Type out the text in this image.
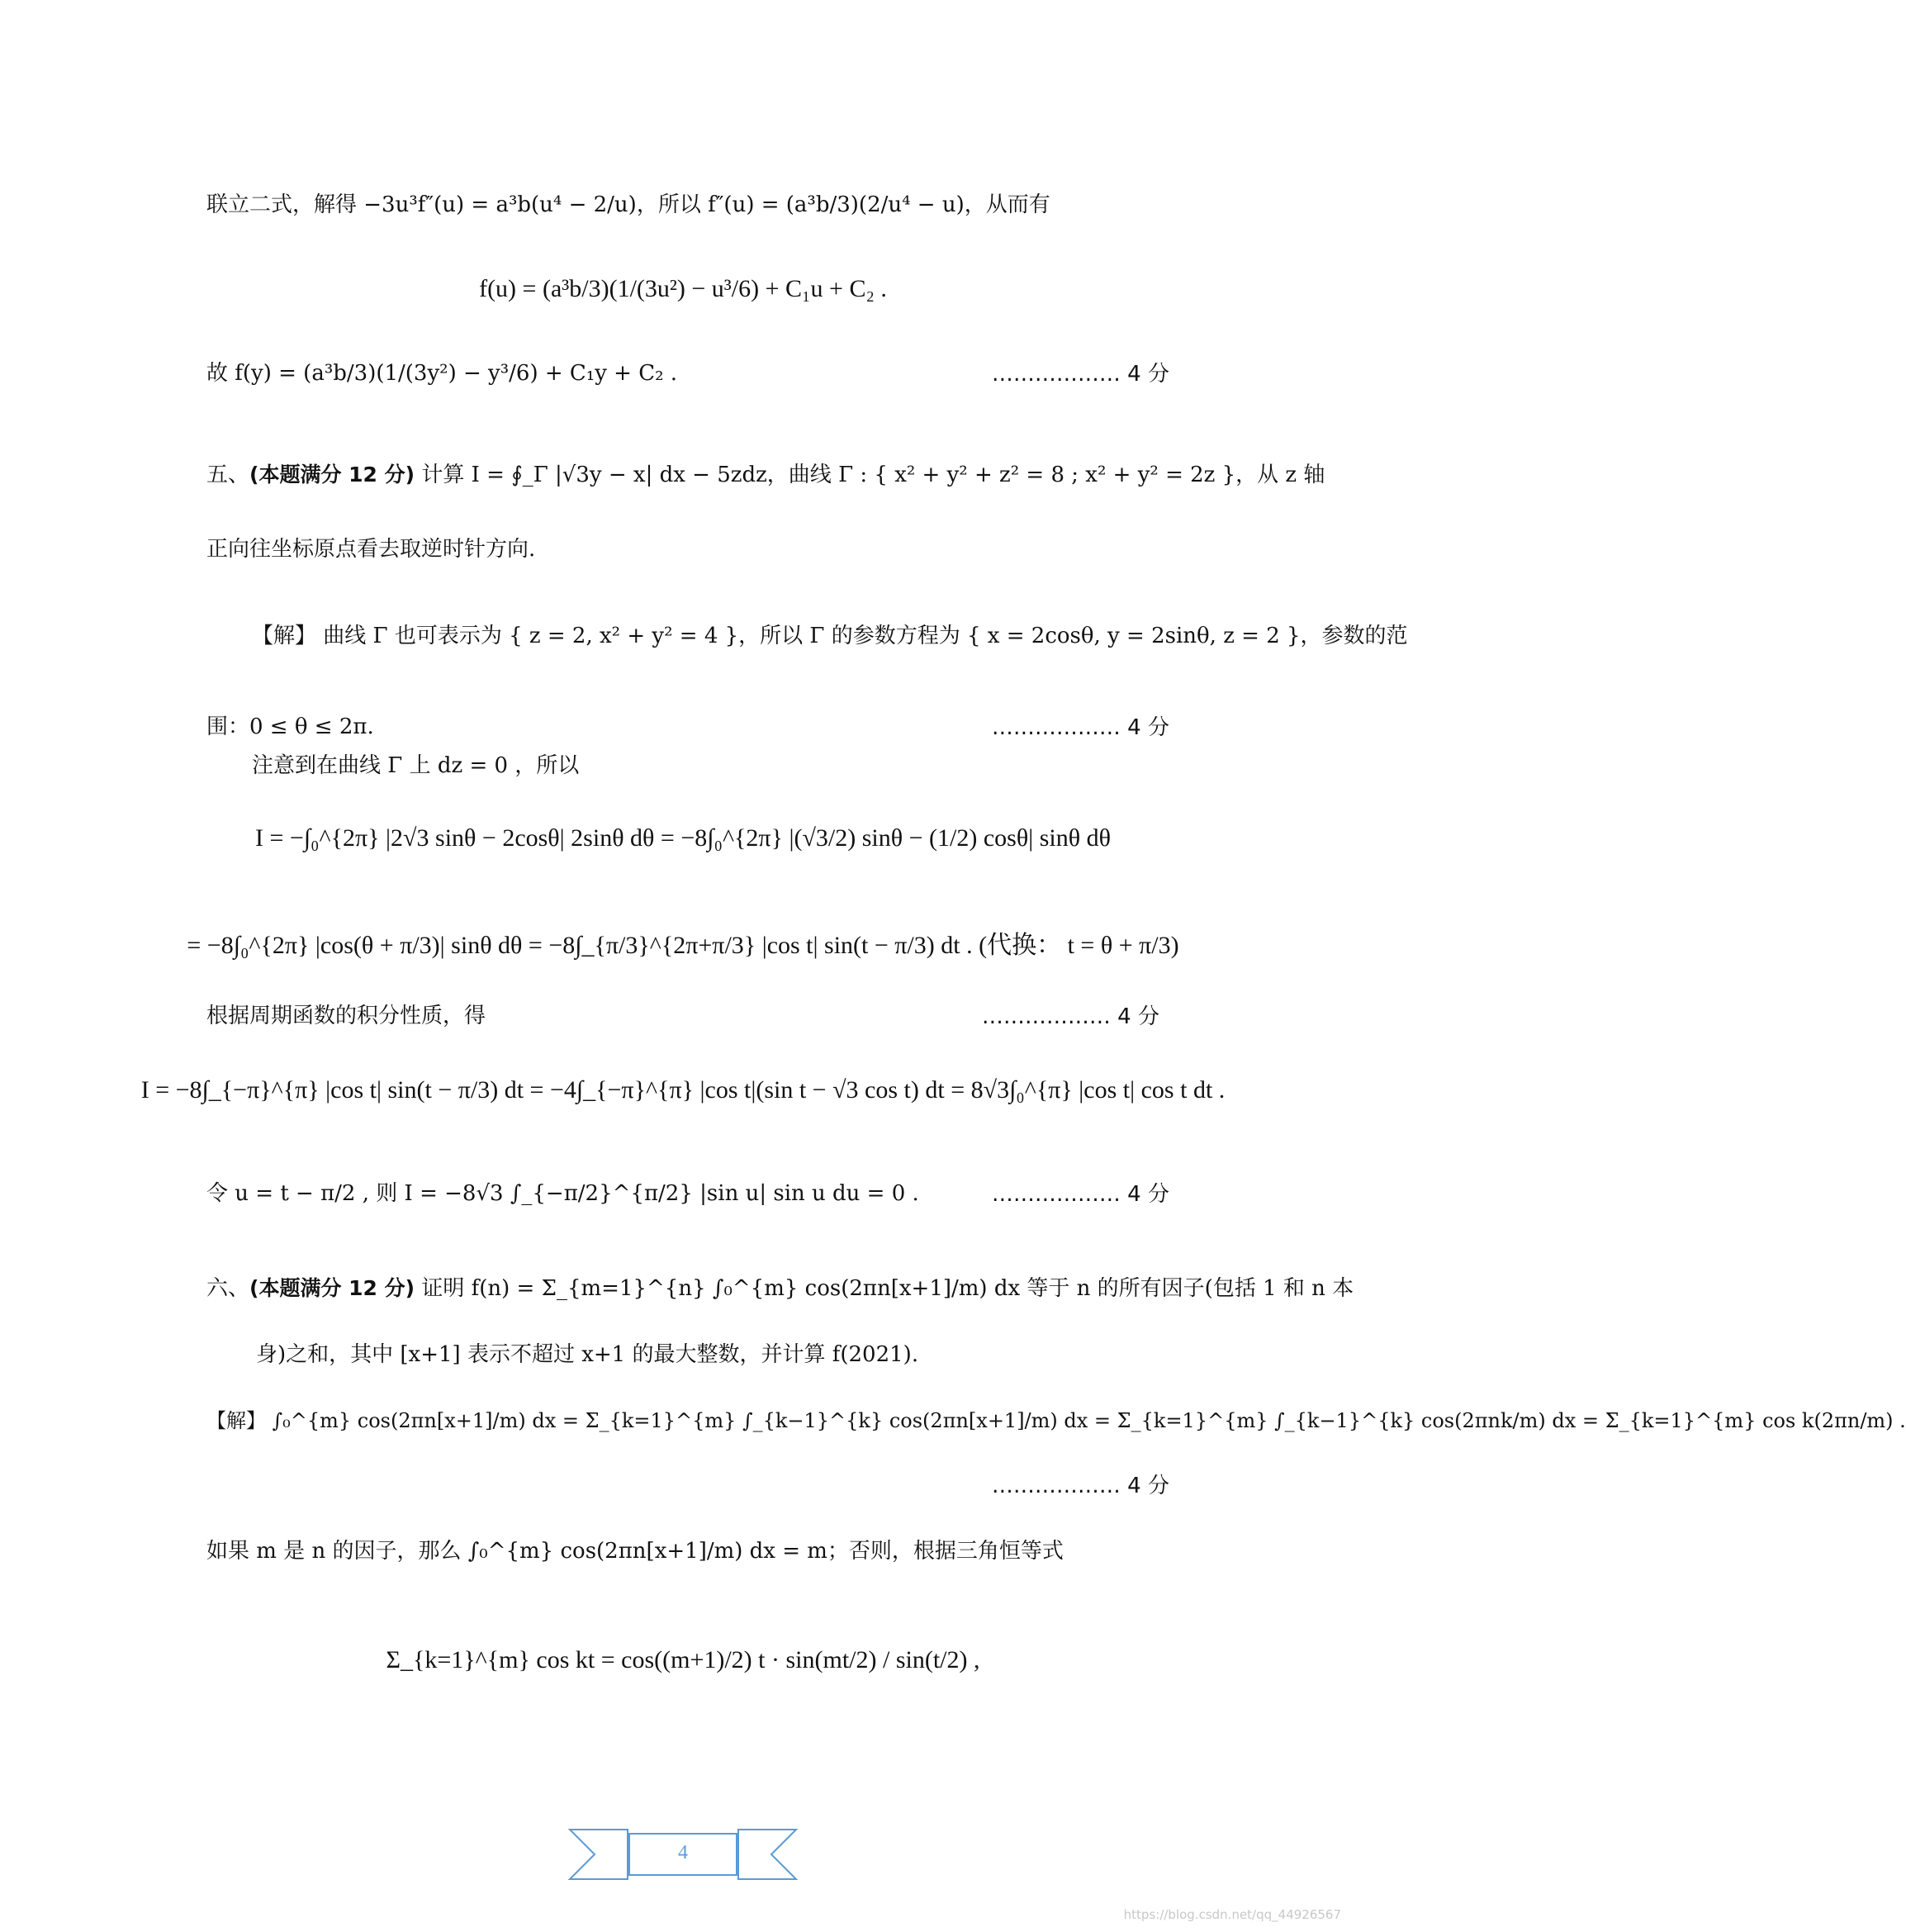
联立二式，解得 −3u³f″(u) = a³b(u⁴ − 2/u)，所以 f″(u) = (a³b/3)(2/u⁴ − u)，从而有
f(u) = (a³b/3)(1/(3u²) − u³/6) + C₁u + C₂ .
故 f(y) = (a³b/3)(1/(3y²) − y³/6) + C₁y + C₂ .	……………… 4 分
五、(本题满分 12 分) 计算 I = ∮_Γ |√3y − x| dx − 5zdz，曲线 Γ : { x² + y² + z² = 8 ; x² + y² = 2z }，从 z 轴
正向往坐标原点看去取逆时针方向.
【解】 曲线 Γ 也可表示为 { z = 2, x² + y² = 4 }，所以 Γ 的参数方程为 { x = 2cosθ, y = 2sinθ, z = 2 }，参数的范
围：0 ≤ θ ≤ 2π.	……………… 4 分
注意到在曲线 Γ 上 dz = 0 ，所以
I = −∫₀^{2π} |2√3 sinθ − 2cosθ| 2sinθ dθ = −8∫₀^{2π} |(√3/2) sinθ − (1/2) cosθ| sinθ dθ
= −8∫₀^{2π} |cos(θ + π/3)| sinθ dθ = −8∫_{π/3}^{2π+π/3} |cos t| sin(t − π/3) dt . (代换： t = θ + π/3)
根据周期函数的积分性质，得	……………… 4 分
I = −8∫_{−π}^{π} |cos t| sin(t − π/3) dt = −4∫_{−π}^{π} |cos t|(sin t − √3 cos t) dt = 8√3∫₀^{π} |cos t| cos t dt .
令 u = t − π/2 , 则 I = −8√3 ∫_{−π/2}^{π/2} |sin u| sin u du = 0 .	……………… 4 分
六、(本题满分 12 分) 证明 f(n) = Σ_{m=1}^{n} ∫₀^{m} cos(2πn[x+1]/m) dx 等于 n 的所有因子(包括 1 和 n 本
身)之和，其中 [x+1] 表示不超过 x+1 的最大整数，并计算 f(2021).
【解】 ∫₀^{m} cos(2πn[x+1]/m) dx = Σ_{k=1}^{m} ∫_{k−1}^{k} cos(2πn[x+1]/m) dx = Σ_{k=1}^{m} ∫_{k−1}^{k} cos(2πnk/m) dx = Σ_{k=1}^{m} cos k(2πn/m) .
……………… 4 分
如果 m 是 n 的因子，那么 ∫₀^{m} cos(2πn[x+1]/m) dx = m；否则，根据三角恒等式
Σ_{k=1}^{m} cos kt = cos((m+1)/2) t · sin(mt/2) / sin(t/2) ,
4
https://blog.csdn.net/qq_44926567
